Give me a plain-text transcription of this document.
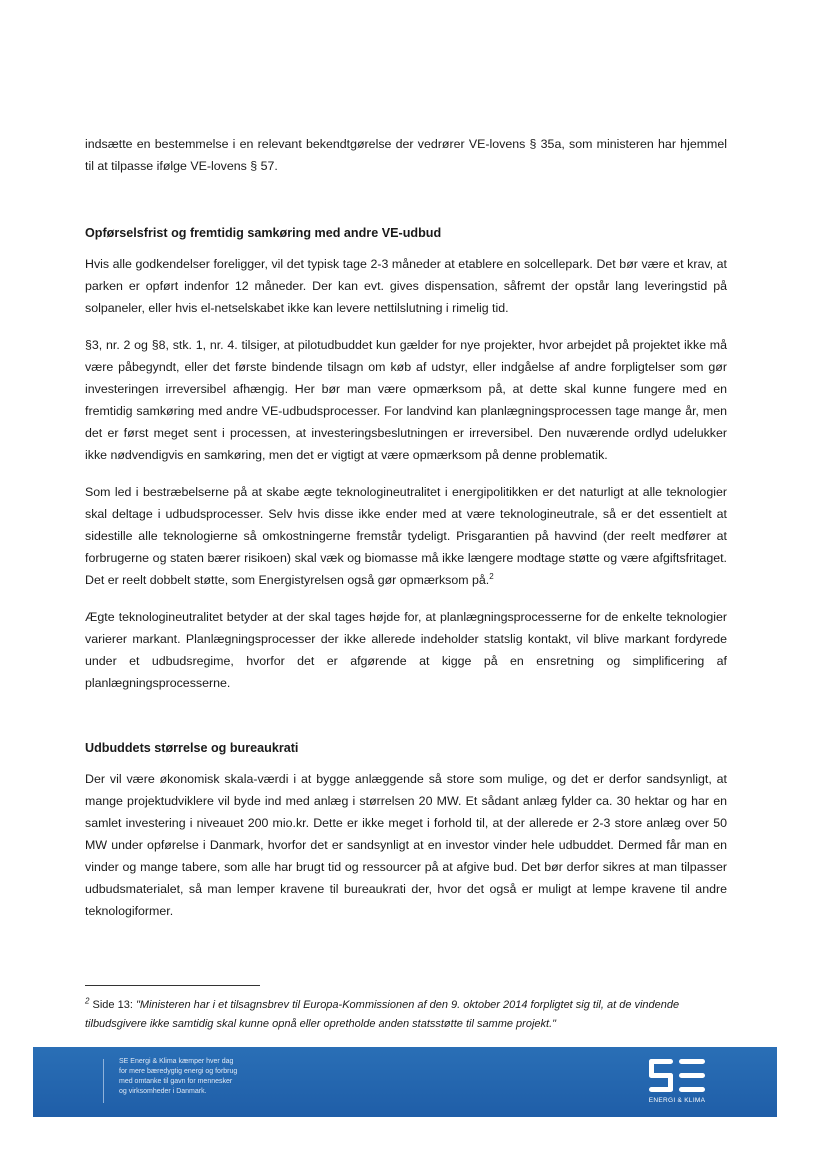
indsætte en bestemmelse i en relevant bekendtgørelse der vedrører VE-lovens § 35a, som ministeren har hjemmel til at tilpasse ifølge VE-lovens § 57.

Opførselsfrist og fremtidig samkøring med andre VE-udbud

Hvis alle godkendelser foreligger, vil det typisk tage 2-3 måneder at etablere en solcellepark. Det bør være et krav, at parken er opført indenfor 12 måneder. Der kan evt. gives dispensation, såfremt der opstår lang leveringstid på solpaneler, eller hvis el-netselskabet ikke kan levere nettilslutning i rimelig tid.

§3, nr. 2 og §8, stk. 1, nr. 4. tilsiger, at pilotudbuddet kun gælder for nye projekter, hvor arbejdet på projektet ikke må være påbegyndt, eller det første bindende tilsagn om køb af udstyr, eller indgåelse af andre forpligtelser som gør investeringen irreversibel afhængig. Her bør man være opmærksom på, at dette skal kunne fungere med en fremtidig samkøring med andre VE-udbudsprocesser. For landvind kan planlægningsprocessen tage mange år, men det er først meget sent i processen, at investeringsbeslutningen er irreversibel. Den nuværende ordlyd udelukker ikke nødvendigvis en samkøring, men det er vigtigt at være opmærksom på denne problematik.

Som led i bestræbelserne på at skabe ægte teknologineutralitet i energipolitikken er det naturligt at alle teknologier skal deltage i udbudsprocesser. Selv hvis disse ikke ender med at være teknologineutrale, så er det essentielt at sidestille alle teknologierne så omkostningerne fremstår tydeligt. Prisgarantien på havvind (der reelt medfører at forbrugerne og staten bærer risikoen) skal væk og biomasse må ikke længere modtage støtte og være afgiftsfritaget. Det er reelt dobbelt støtte, som Energistyrelsen også gør opmærksom på.$^2$

Ægte teknologineutralitet betyder at der skal tages højde for, at planlægningsprocesserne for de enkelte teknologier varierer markant. Planlægningsprocesser der ikke allerede indeholder statslig kontakt, vil blive markant fordyrede under et udbudsregime, hvorfor det er afgørende at kigge på en ensretning og simplificering af planlægningsprocesserne.

Udbuddets størrelse og bureaukrati

Der vil være økonomisk skala-værdi i at bygge anlæggende så store som mulige, og det er derfor sandsynligt, at mange projektudviklere vil byde ind med anlæg i størrelsen 20 MW. Et sådant anlæg fylder ca. 30 hektar og har en samlet investering i niveauet 200 mio.kr. Dette er ikke meget i forhold til, at der allerede er 2-3 store anlæg over 50 MW under opførelse i Danmark, hvorfor det er sandsynligt at en investor vinder hele udbuddet. Dermed får man en vinder og mange tabere, som alle har brugt tid og ressourcer på at afgive bud. Det bør derfor sikres at man tilpasser udbudsmaterialet, så man lemper kravene til bureaukrati der, hvor det også er muligt at lempe kravene til andre teknologiformer.

$^2$ Side 13: "Ministeren har i et tilsagnsbrev til Europa-Kommissionen af den 9. oktober 2014 forpligtet sig til, at de vindende tilbudsgivere ikke samtidig skal kunne opnå eller opretholde anden statsstøtte til samme projekt."
SE Energi & Klima kæmper hver dag
for mere bæredygtig energi og forbrug
med omtanke til gavn for mennesker
og virksomheder i Danmark.
ENERGI & KLIMA
